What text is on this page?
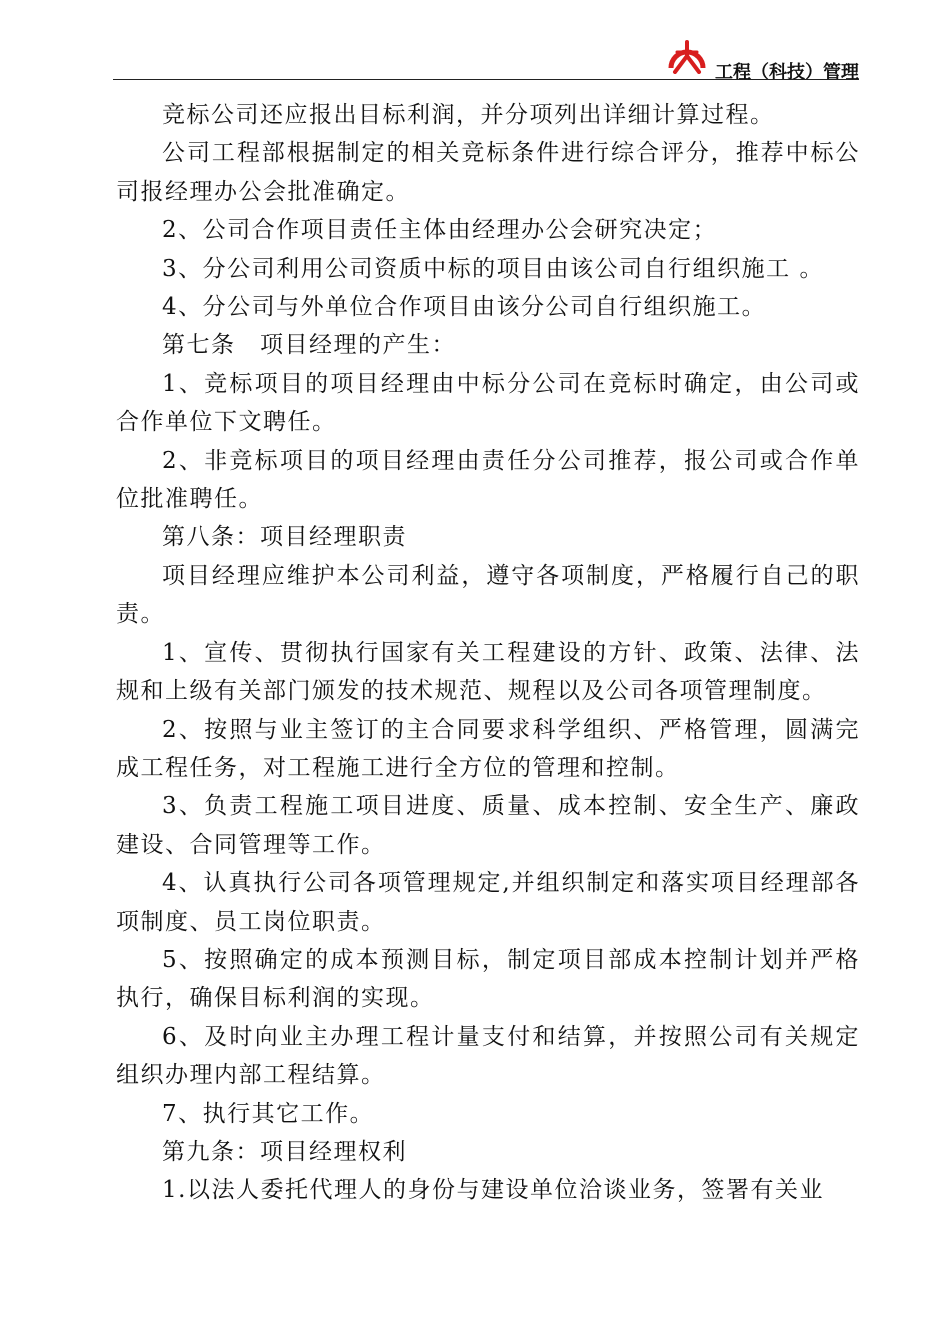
工程（科技）管理

竞标公司还应报出目标利润，并分项列出详细计算过程。

公司工程部根据制定的相关竞标条件进行综合评分，推荐中标公司报经理办公会批准确定。

2、公司合作项目责任主体由经理办公会研究决定；

3、分公司利用公司资质中标的项目由该公司自行组织施工 。

4、分公司与外单位合作项目由该分公司自行组织施工。

第七条　项目经理的产生：

1、竞标项目的项目经理由中标分公司在竞标时确定，由公司或合作单位下文聘任。

2、非竞标项目的项目经理由责任分公司推荐，报公司或合作单位批准聘任。

第八条：项目经理职责

项目经理应维护本公司利益，遵守各项制度，严格履行自己的职责。

1、宣传、贯彻执行国家有关工程建设的方针、政策、法律、法规和上级有关部门颁发的技术规范、规程以及公司各项管理制度。

2、按照与业主签订的主合同要求科学组织、严格管理，圆满完成工程任务，对工程施工进行全方位的管理和控制。

3、负责工程施工项目进度、质量、成本控制、安全生产、廉政建设、合同管理等工作。

4、认真执行公司各项管理规定,并组织制定和落实项目经理部各项制度、员工岗位职责。

5、按照确定的成本预测目标，制定项目部成本控制计划并严格执行，确保目标利润的实现。

6、及时向业主办理工程计量支付和结算，并按照公司有关规定组织办理内部工程结算。

7、执行其它工作。

第九条：项目经理权利

1.以法人委托代理人的身份与建设单位洽谈业务，签署有关业
